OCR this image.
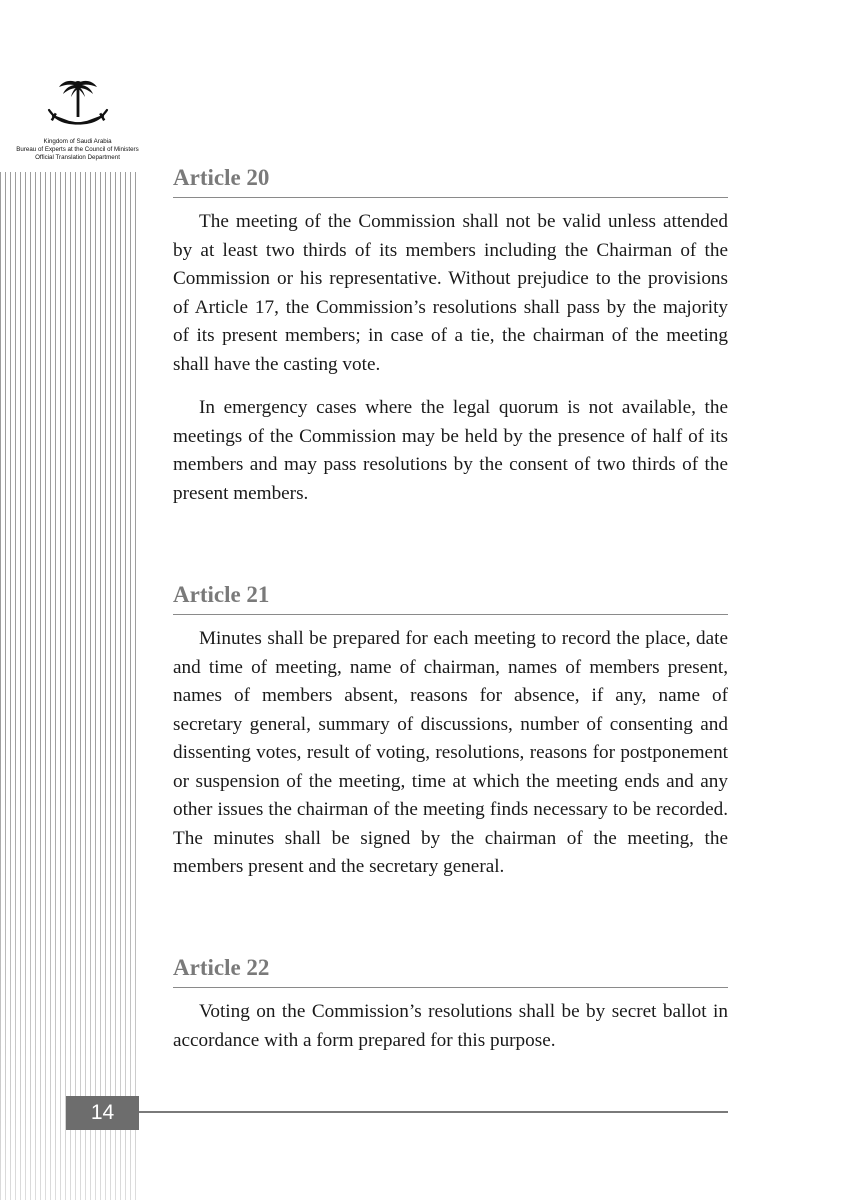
Kingdom of Saudi Arabia
Bureau of Experts at the Council of Ministers
Official Translation Department
Article 20

The meeting of the Commission shall not be valid unless attended by at least two thirds of its members including the Chairman of the Commission or his representative. Without prejudice to the provisions of Article 17, the Commission’s resolutions shall pass by the majority of its present members; in case of a tie, the chairman of the meeting shall have the casting vote.

In emergency cases where the legal quorum is not available, the meetings of the Commission may be held by the presence of half of its members and may pass resolutions by the consent of two thirds of the present members.

Article 21

Minutes shall be prepared for each meeting to record the place, date and time of meeting, name of chairman, names of members present, names of members absent, reasons for absence, if any, name of secretary general, summary of discussions, number of consenting and dissenting votes, result of voting, resolutions, reasons for postponement or suspension of the meeting, time at which the meeting ends and any other issues the chairman of the meeting finds necessary to be recorded. The minutes shall be signed by the chairman of the meeting, the members present and the secretary general.

Article 22

Voting on the Commission’s resolutions shall be by secret ballot in accordance with a form prepared for this purpose.

14
